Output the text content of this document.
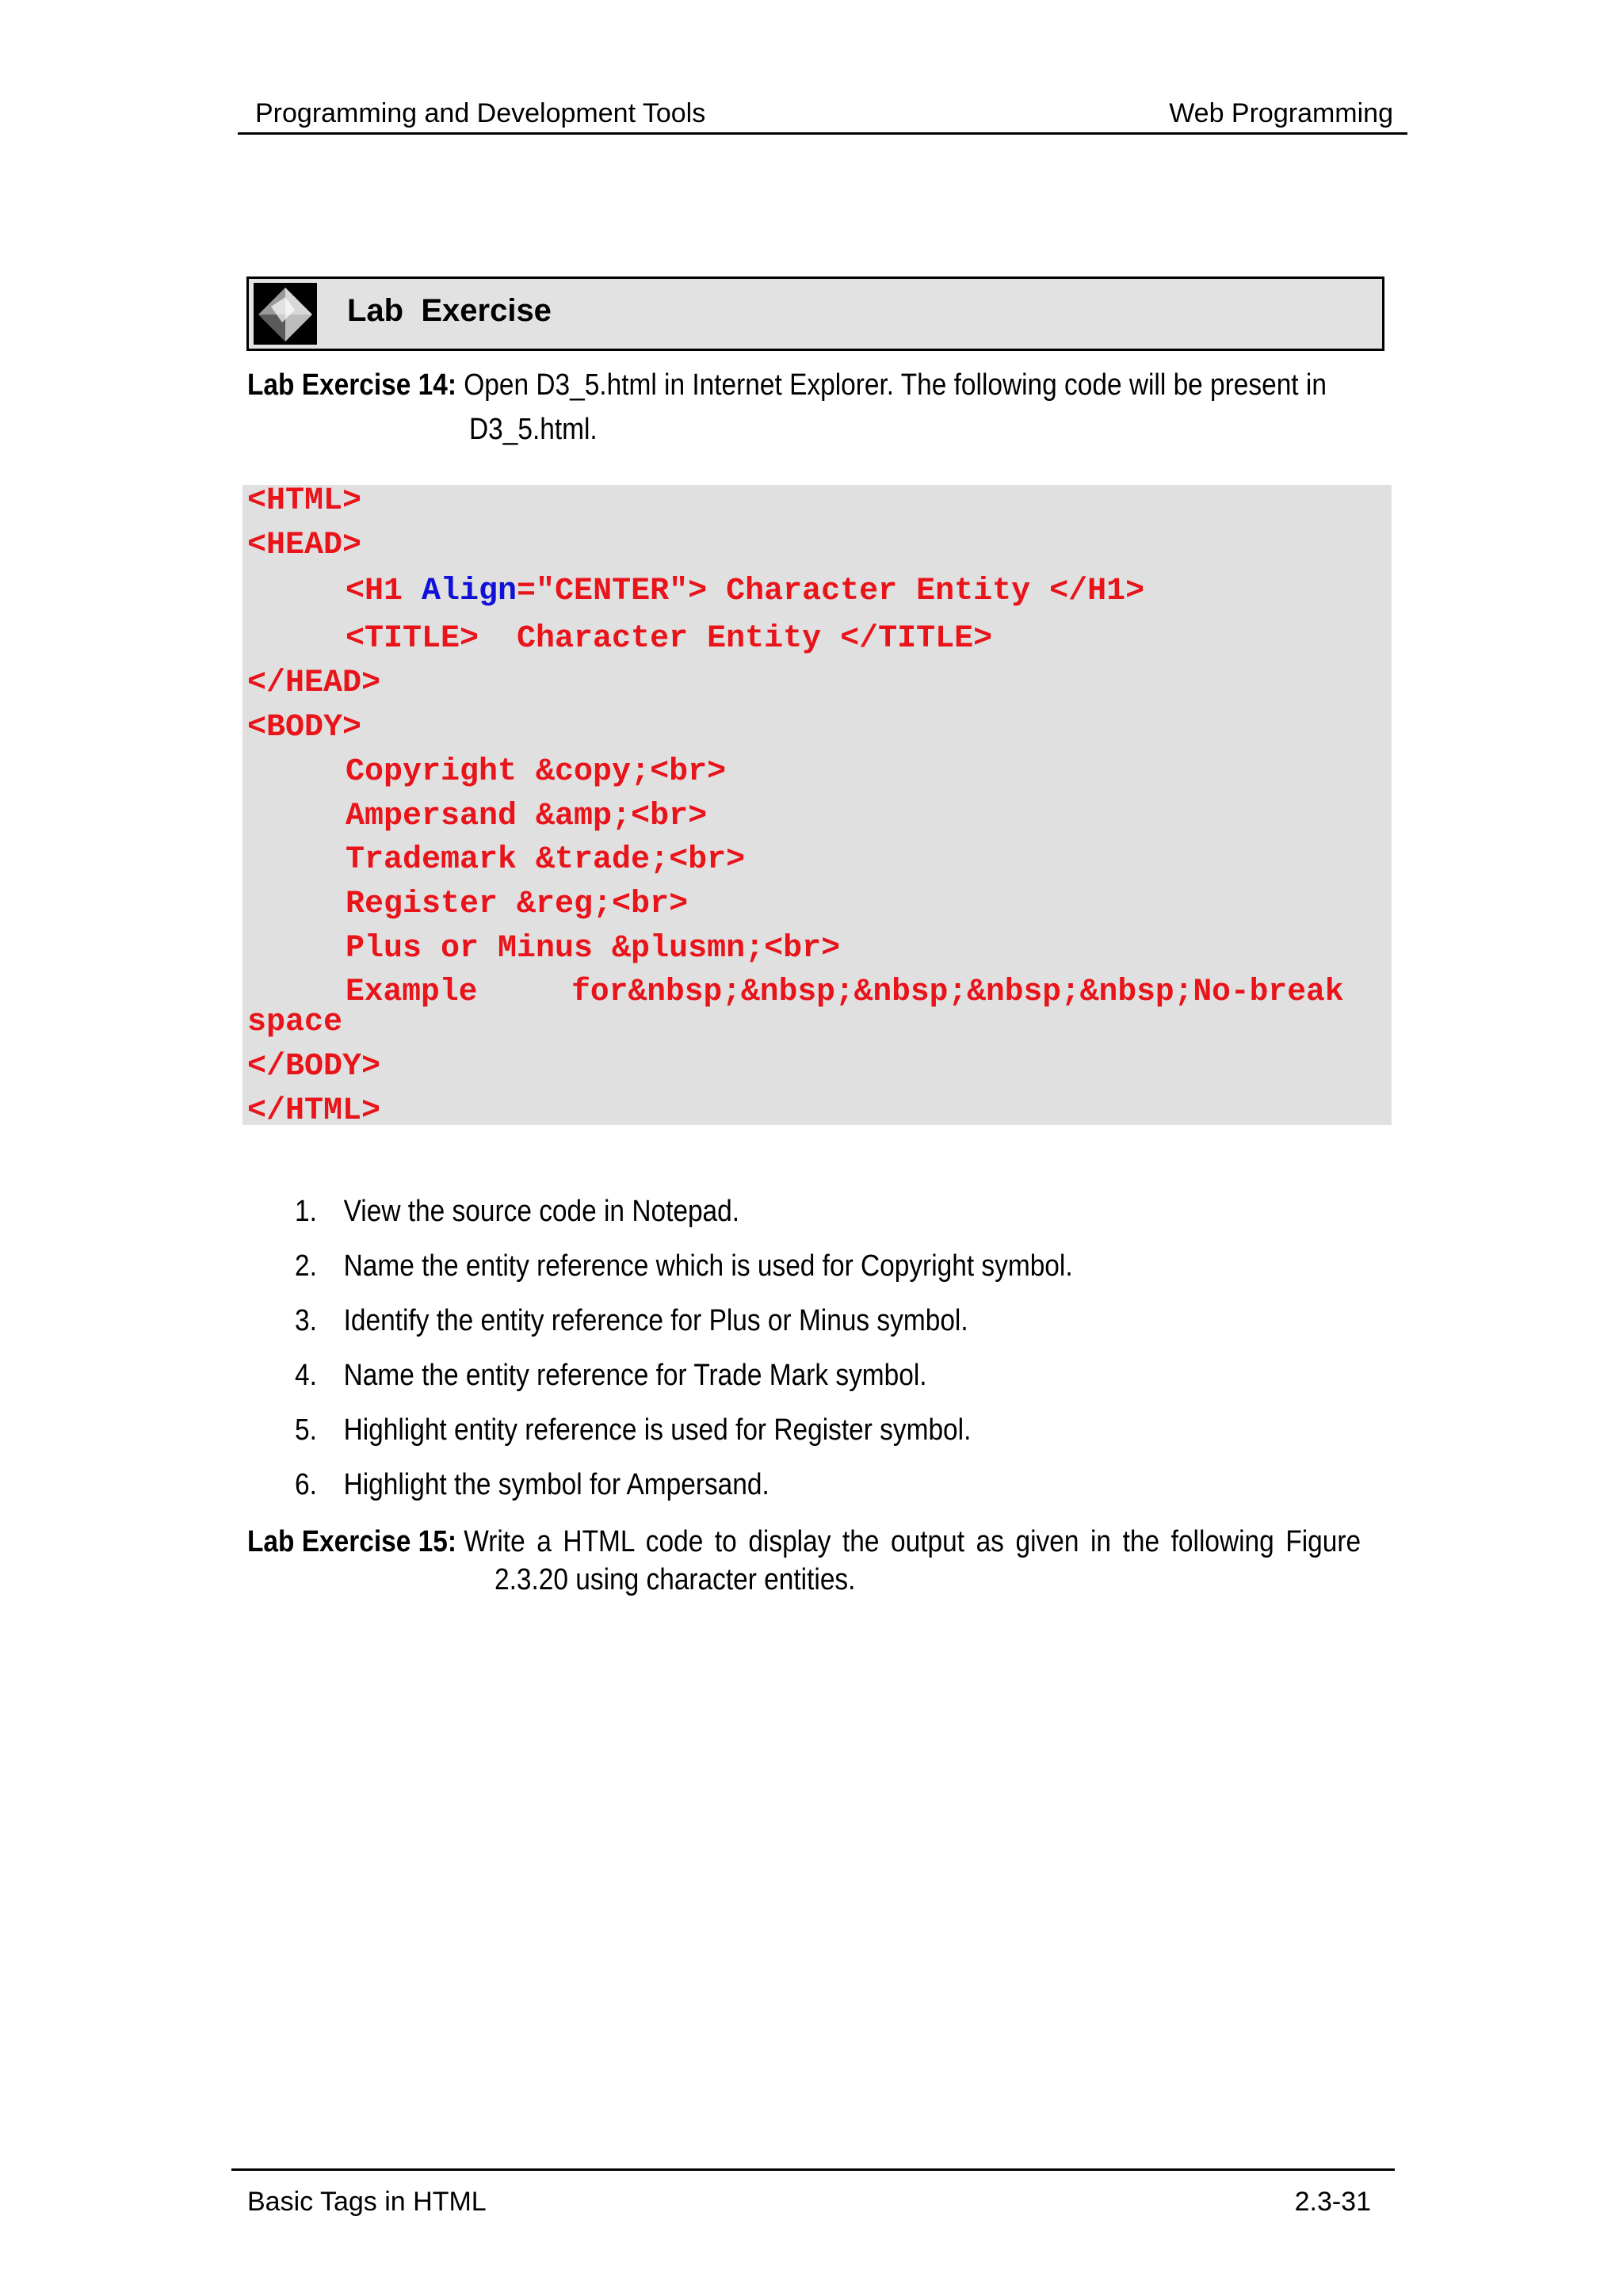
Programming and Development Tools	Web Programming
Lab  Exercise
Lab Exercise 14: Open D3_5.html in Internet Explorer. The following code will be present in
D3_5.html.
<HTML>
<HEAD>
<H1 Align="CENTER"> Character Entity </H1>
<TITLE>  Character Entity </TITLE>
</HEAD>
<BODY>
Copyright &copy;<br>
Ampersand &amp;<br>
Trademark &trade;<br>
Register &reg;<br>
Plus or Minus &plusmn;<br>
Example     for&nbsp;&nbsp;&nbsp;&nbsp;&nbsp;No-break
space
</BODY>
</HTML>
1. View the source code in Notepad.
2. Name the entity reference which is used for Copyright symbol.
3. Identify the entity reference for Plus or Minus symbol.
4. Name the entity reference for Trade Mark symbol.
5. Highlight entity reference is used for Register symbol.
6. Highlight the symbol for Ampersand.
Lab Exercise 15: Write a HTML code to display the output as given in the following Figure
2.3.20 using character entities.
Basic Tags in HTML	2.3-31
